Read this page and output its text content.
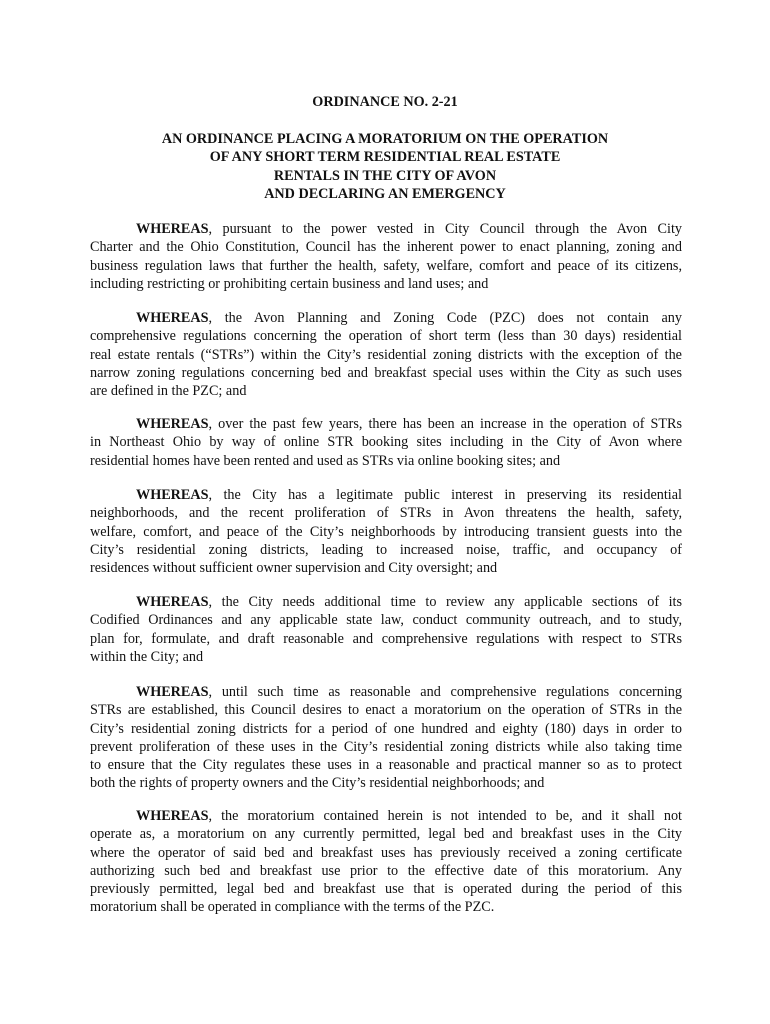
ORDINANCE NO. 2-21
AN ORDINANCE PLACING A MORATORIUM ON THE OPERATION
OF ANY SHORT TERM RESIDENTIAL REAL ESTATE
RENTALS IN THE CITY OF AVON
AND DECLARING AN EMERGENCY
WHEREAS, pursuant to the power vested in City Council through the Avon City
Charter and the Ohio Constitution, Council has the inherent power to enact planning, zoning and
business regulation laws that further the health, safety, welfare, comfort and peace of its citizens,
including restricting or prohibiting certain business and land uses; and
WHEREAS, the Avon Planning and Zoning Code (PZC) does not contain any
comprehensive regulations concerning the operation of short term (less than 30 days) residential
real estate rentals (“STRs”) within the City’s residential zoning districts with the exception of the
narrow zoning regulations concerning bed and breakfast special uses within the City as such uses
are defined in the PZC; and
WHEREAS, over the past few years, there has been an increase in the operation of STRs
in Northeast Ohio by way of online STR booking sites including in the City of Avon where
residential homes have been rented and used as STRs via online booking sites; and
WHEREAS, the City has a legitimate public interest in preserving its residential
neighborhoods, and the recent proliferation of STRs in Avon threatens the health, safety,
welfare, comfort, and peace of the City’s neighborhoods by introducing transient guests into the
City’s residential zoning districts, leading to increased noise, traffic, and occupancy of
residences without sufficient owner supervision and City oversight; and
WHEREAS, the City needs additional time to review any applicable sections of its
Codified Ordinances and any applicable state law, conduct community outreach, and to study,
plan for, formulate, and draft reasonable and comprehensive regulations with respect to STRs
within the City; and
WHEREAS, until such time as reasonable and comprehensive regulations concerning
STRs are established, this Council desires to enact a moratorium on the operation of STRs in the
City’s residential zoning districts for a period of one hundred and eighty (180) days in order to
prevent proliferation of these uses in the City’s residential zoning districts while also taking time
to ensure that the City regulates these uses in a reasonable and practical manner so as to protect
both the rights of property owners and the City’s residential neighborhoods; and
WHEREAS, the moratorium contained herein is not intended to be, and it shall not
operate as, a moratorium on any currently permitted, legal bed and breakfast uses in the City
where the operator of said bed and breakfast uses has previously received a zoning certificate
authorizing such bed and breakfast use prior to the effective date of this moratorium. Any
previously permitted, legal bed and breakfast use that is operated during the period of this
moratorium shall be operated in compliance with the terms of the PZC.
